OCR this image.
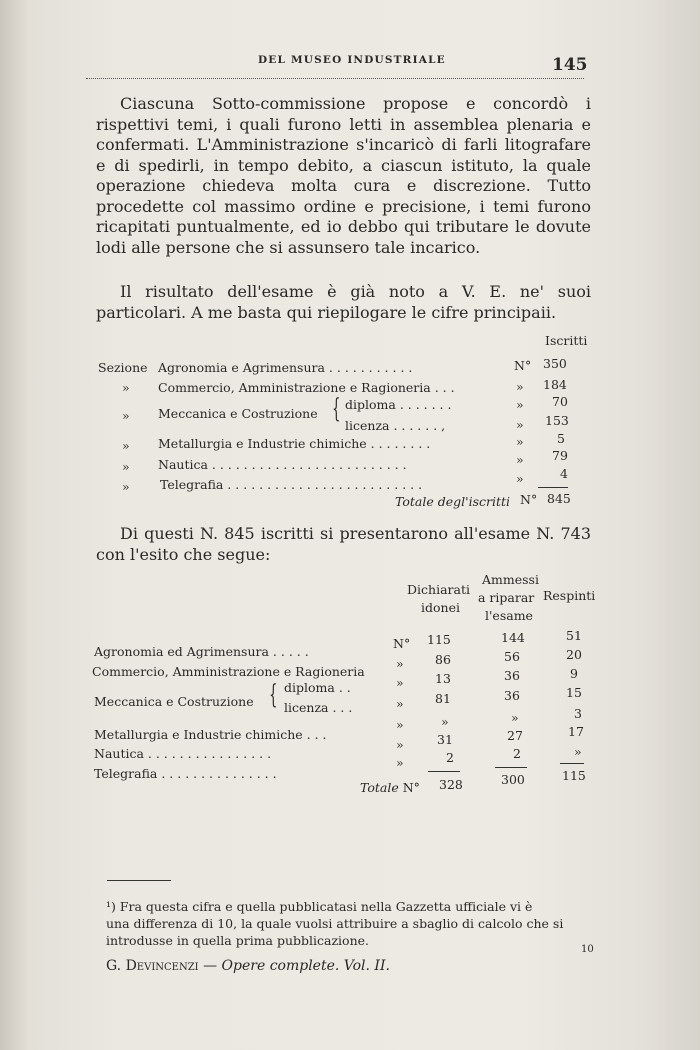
DEL MUSEO INDUSTRIALE	145

Ciascuna Sotto-commissione propose e concordò i rispettivi temi, i quali furono letti in assemblea plenaria e confermati. L'Amministrazione s'incaricò di farli litografare e di spedirli, in tempo debito, a ciascun istituto, la quale operazione chiedeva molta cura e discrezione. Tutto procedette col massimo ordine e precisione, i temi furono ricapitati puntualmente, ed io debbo qui tributare le dovute lodi alle persone che si assunsero tale incarico.

Il risultato dell'esame è già noto a V. E. ne' suoi particolari. A me basta qui riepilogare le cifre principaii.

Iscritti
Sezione Agronomia e Agrimensura . . . . . . . . . . .	N° 350
» Commercio, Amministrazione e Ragioneria . . .	» 184
» Meccanica e Costruzione { diploma . . . . . . .	» 70
licenza . . . . . . ,	» 153
» Metallurgia e Industrie chimiche . . . . . . . .	»	5
» Nautica . . . . . . . . . . . . . . . . . . . . . . . . .	» 79
» Telegrafia . . . . . . . . . . . . . . . . . . . . . . . . .	»	4
Totale degl'iscritti N° 845

Di questi N. 845 iscritti si presentarono all'esame N. 743 con l'esito che segue:

Dichiarati
idonei
Ammessi
a riparar
l'esame
Respinti
Agronomia ed Agrimensura . . . . .
N° 115	144	51
Commercio, Amministrazione e Ragioneria
»	86	56	20
Meccanica e Costruzione { diploma . .	»	13	36	9
licenza . . .	»	81	36	15
Metallurgia e Industrie chimiche . . .
»	»	»	3
Nautica . . . . . . . . . . . . . . . .
»	31	27	17
Telegrafia . . . . . . . . . . . . . . .
»	2	2	»
Totale N° 328	300	115
¹) Fra questa cifra e quella pubblicatasi nella Gazzetta ufficiale vi è
una differenza di 10, la quale vuolsi attribuire a sbaglio di calcolo che si
introdusse in quella prima pubblicazione.
10
G. Devincenzi — Opere complete. Vol. II.
